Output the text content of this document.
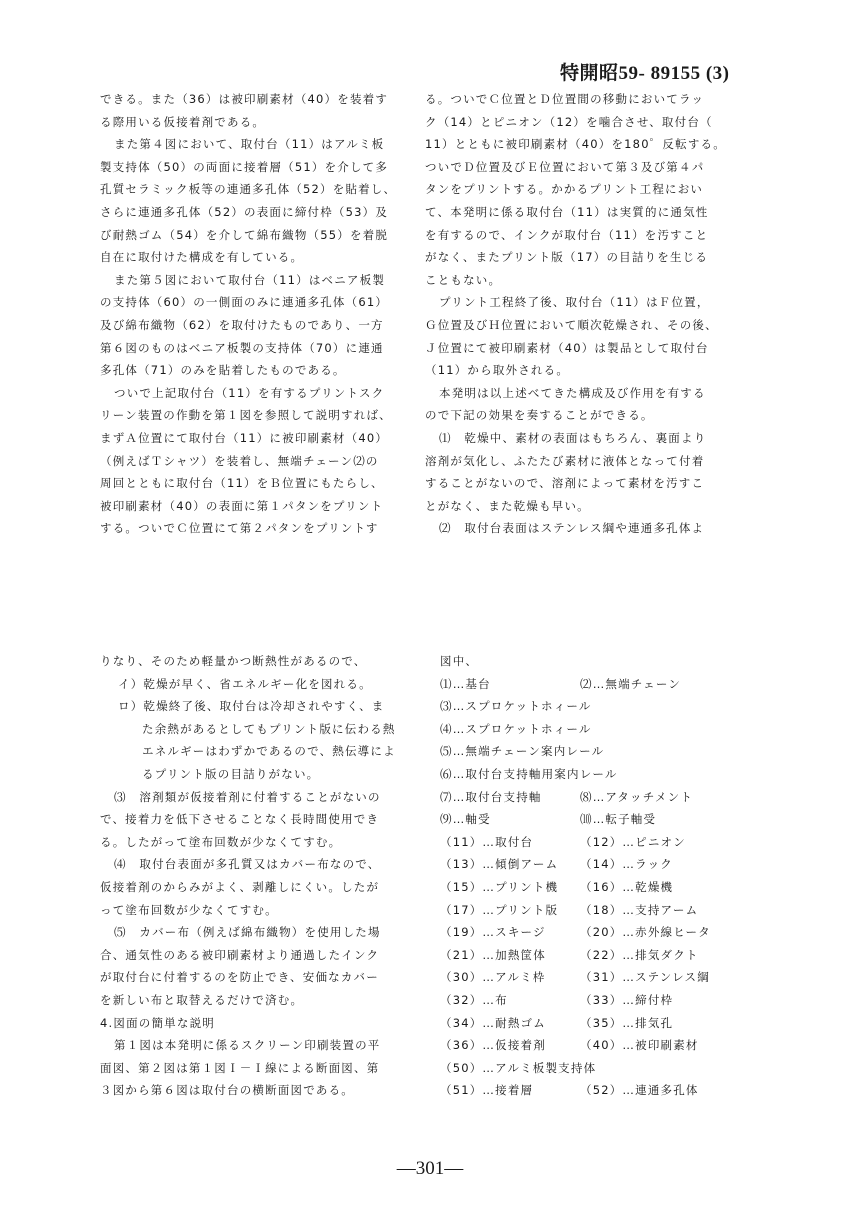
特開昭59- 89155 (3)
できる。また（36）は被印刷素材（40）を装着す
る際用いる仮接着剤である。
また第４図において、取付台（11）はアルミ板
製支持体（50）の両面に接着層（51）を介して多
孔質セラミック板等の連通多孔体（52）を貼着し、
さらに連通多孔体（52）の表面に締付枠（53）及
び耐熱ゴム（54）を介して綿布織物（55）を着脱
自在に取付けた構成を有している。
また第５図において取付台（11）はベニア板製
の支持体（60）の一側面のみに連通多孔体（61）
及び綿布織物（62）を取付けたものであり、一方
第６図のものはベニア板製の支持体（70）に連通
多孔体（71）のみを貼着したものである。
ついで上記取付台（11）を有するプリントスク
リーン装置の作動を第１図を参照して説明すれば、
まずＡ位置にて取付台（11）に被印刷素材（40）
（例えばＴシャツ）を装着し、無端チェーン⑵の
周回とともに取付台（11）をＢ位置にもたらし、
被印刷素材（40）の表面に第１パタンをプリント
する。ついでＣ位置にて第２パタンをプリントす
る。ついでＣ位置とＤ位置間の移動においてラッ
ク（14）とピニオン（12）を噛合させ、取付台（
11）とともに被印刷素材（40）を180゜反転する。
ついでＤ位置及びＥ位置において第３及び第４パ
タンをプリントする。かかるプリント工程におい
て、本発明に係る取付台（11）は実質的に通気性
を有するので、インクが取付台（11）を汚すこと
がなく、またプリント版（17）の目詰りを生じる
こともない。
プリント工程終了後、取付台（11）はＦ位置，
Ｇ位置及びＨ位置において順次乾燥され、その後、
Ｊ位置にて被印刷素材（40）は製品として取付台
（11）から取外される。
本発明は以上述べてきた構成及び作用を有する
ので下記の効果を奏することができる。
⑴　乾燥中、素材の表面はもちろん、裏面より
溶剤が気化し、ふたたび素材に液体となって付着
することがないので、溶剤によって素材を汚すこ
とがなく、また乾燥も早い。
⑵　取付台表面はステンレス綱や連通多孔体よ
りなり、そのため軽量かつ断熱性があるので、
イ）乾燥が早く、省エネルギー化を図れる。
ロ）乾燥終了後、取付台は冷却されやすく、ま
た余熱があるとしてもプリント版に伝わる熱
エネルギーはわずかであるので、熱伝導によ
るプリント版の目詰りがない。
⑶　溶剤類が仮接着剤に付着することがないの
で、接着力を低下させることなく長時間使用でき
る。したがって塗布回数が少なくてすむ。
⑷　取付台表面が多孔質又はカバー布なので、
仮接着剤のからみがよく、剥離しにくい。したが
って塗布回数が少なくてすむ。
⑸　カバー布（例えば綿布織物）を使用した場
合、通気性のある被印刷素材より通過したインク
が取付台に付着するのを防止でき、安価なカバー
を新しい布と取替えるだけで済む。
4.図面の簡単な説明
第１図は本発明に係るスクリーン印刷装置の平
面図、第２図は第１図Ｉ－Ｉ線による断面図、第
３図から第６図は取付台の横断面図である。
図中、
⑴…基台	⑵…無端チェーン
⑶…スプロケットホィール
⑷…スプロケットホィール
⑸…無端チェーン案内レール
⑹…取付台支持軸用案内レール
⑺…取付台支持軸	⑻…アタッチメント
⑼…軸受	⑽…転子軸受
（11）…取付台	（12）…ピニオン
（13）…傾倒アーム （14）…ラック
（15）…プリント機 （16）…乾燥機
（17）…プリント版 （18）…支持アーム
（19）…スキージ	（20）…赤外線ヒータ
（21）…加熱筐体	（22）…排気ダクト
（30）…アルミ枠	（31）…ステンレス綱
（32）…布	（33）…締付枠
（34）…耐熱ゴム	（35）…排気孔
（36）…仮接着剤	（40）…被印刷素材
（50）…アルミ板製支持体
（51）…接着層	（52）…連通多孔体
—301—
